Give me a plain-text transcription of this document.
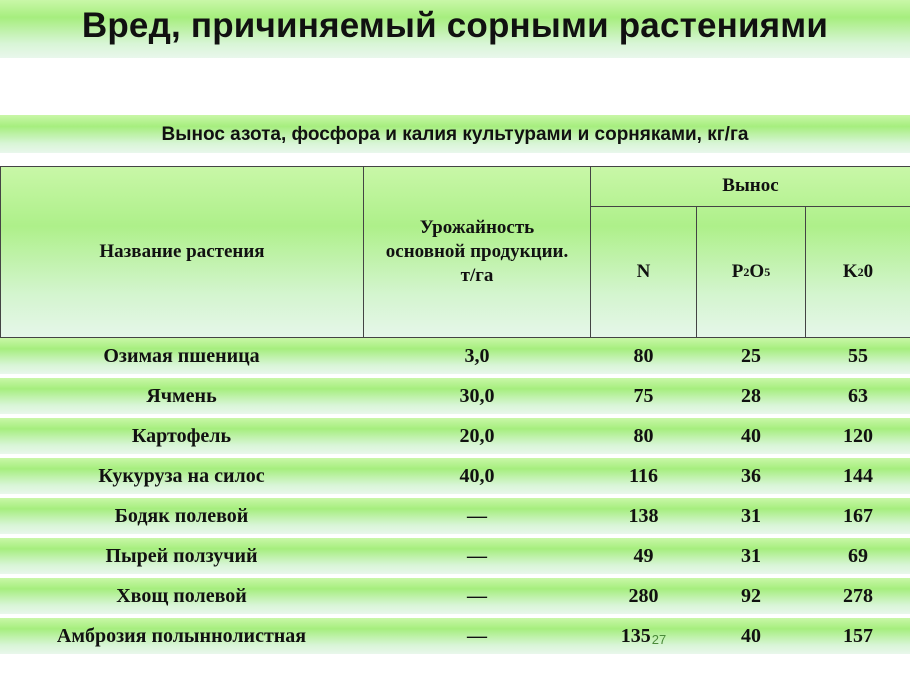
Вред, причиняемый сорными растениями
Вынос азота, фосфора и калия культурами и сорняками, кг/га
Название растения
Урожайность основной продукции. т/га
Вынос
N	P 2 O 5	K 2 0
Озимая пшеница	3,0	80	25	55
Ячмень	30,0	75	28	63
Картофель	20,0	80	40	120
Кукуруза на силос	40,0	116	36	144
Бодяк полевой	—	138	31	167
Пырей ползучий	—	49	31	69
Хвощ полевой	—	280	92	278
Амброзия полыннолистная	—	135 27	40	157
